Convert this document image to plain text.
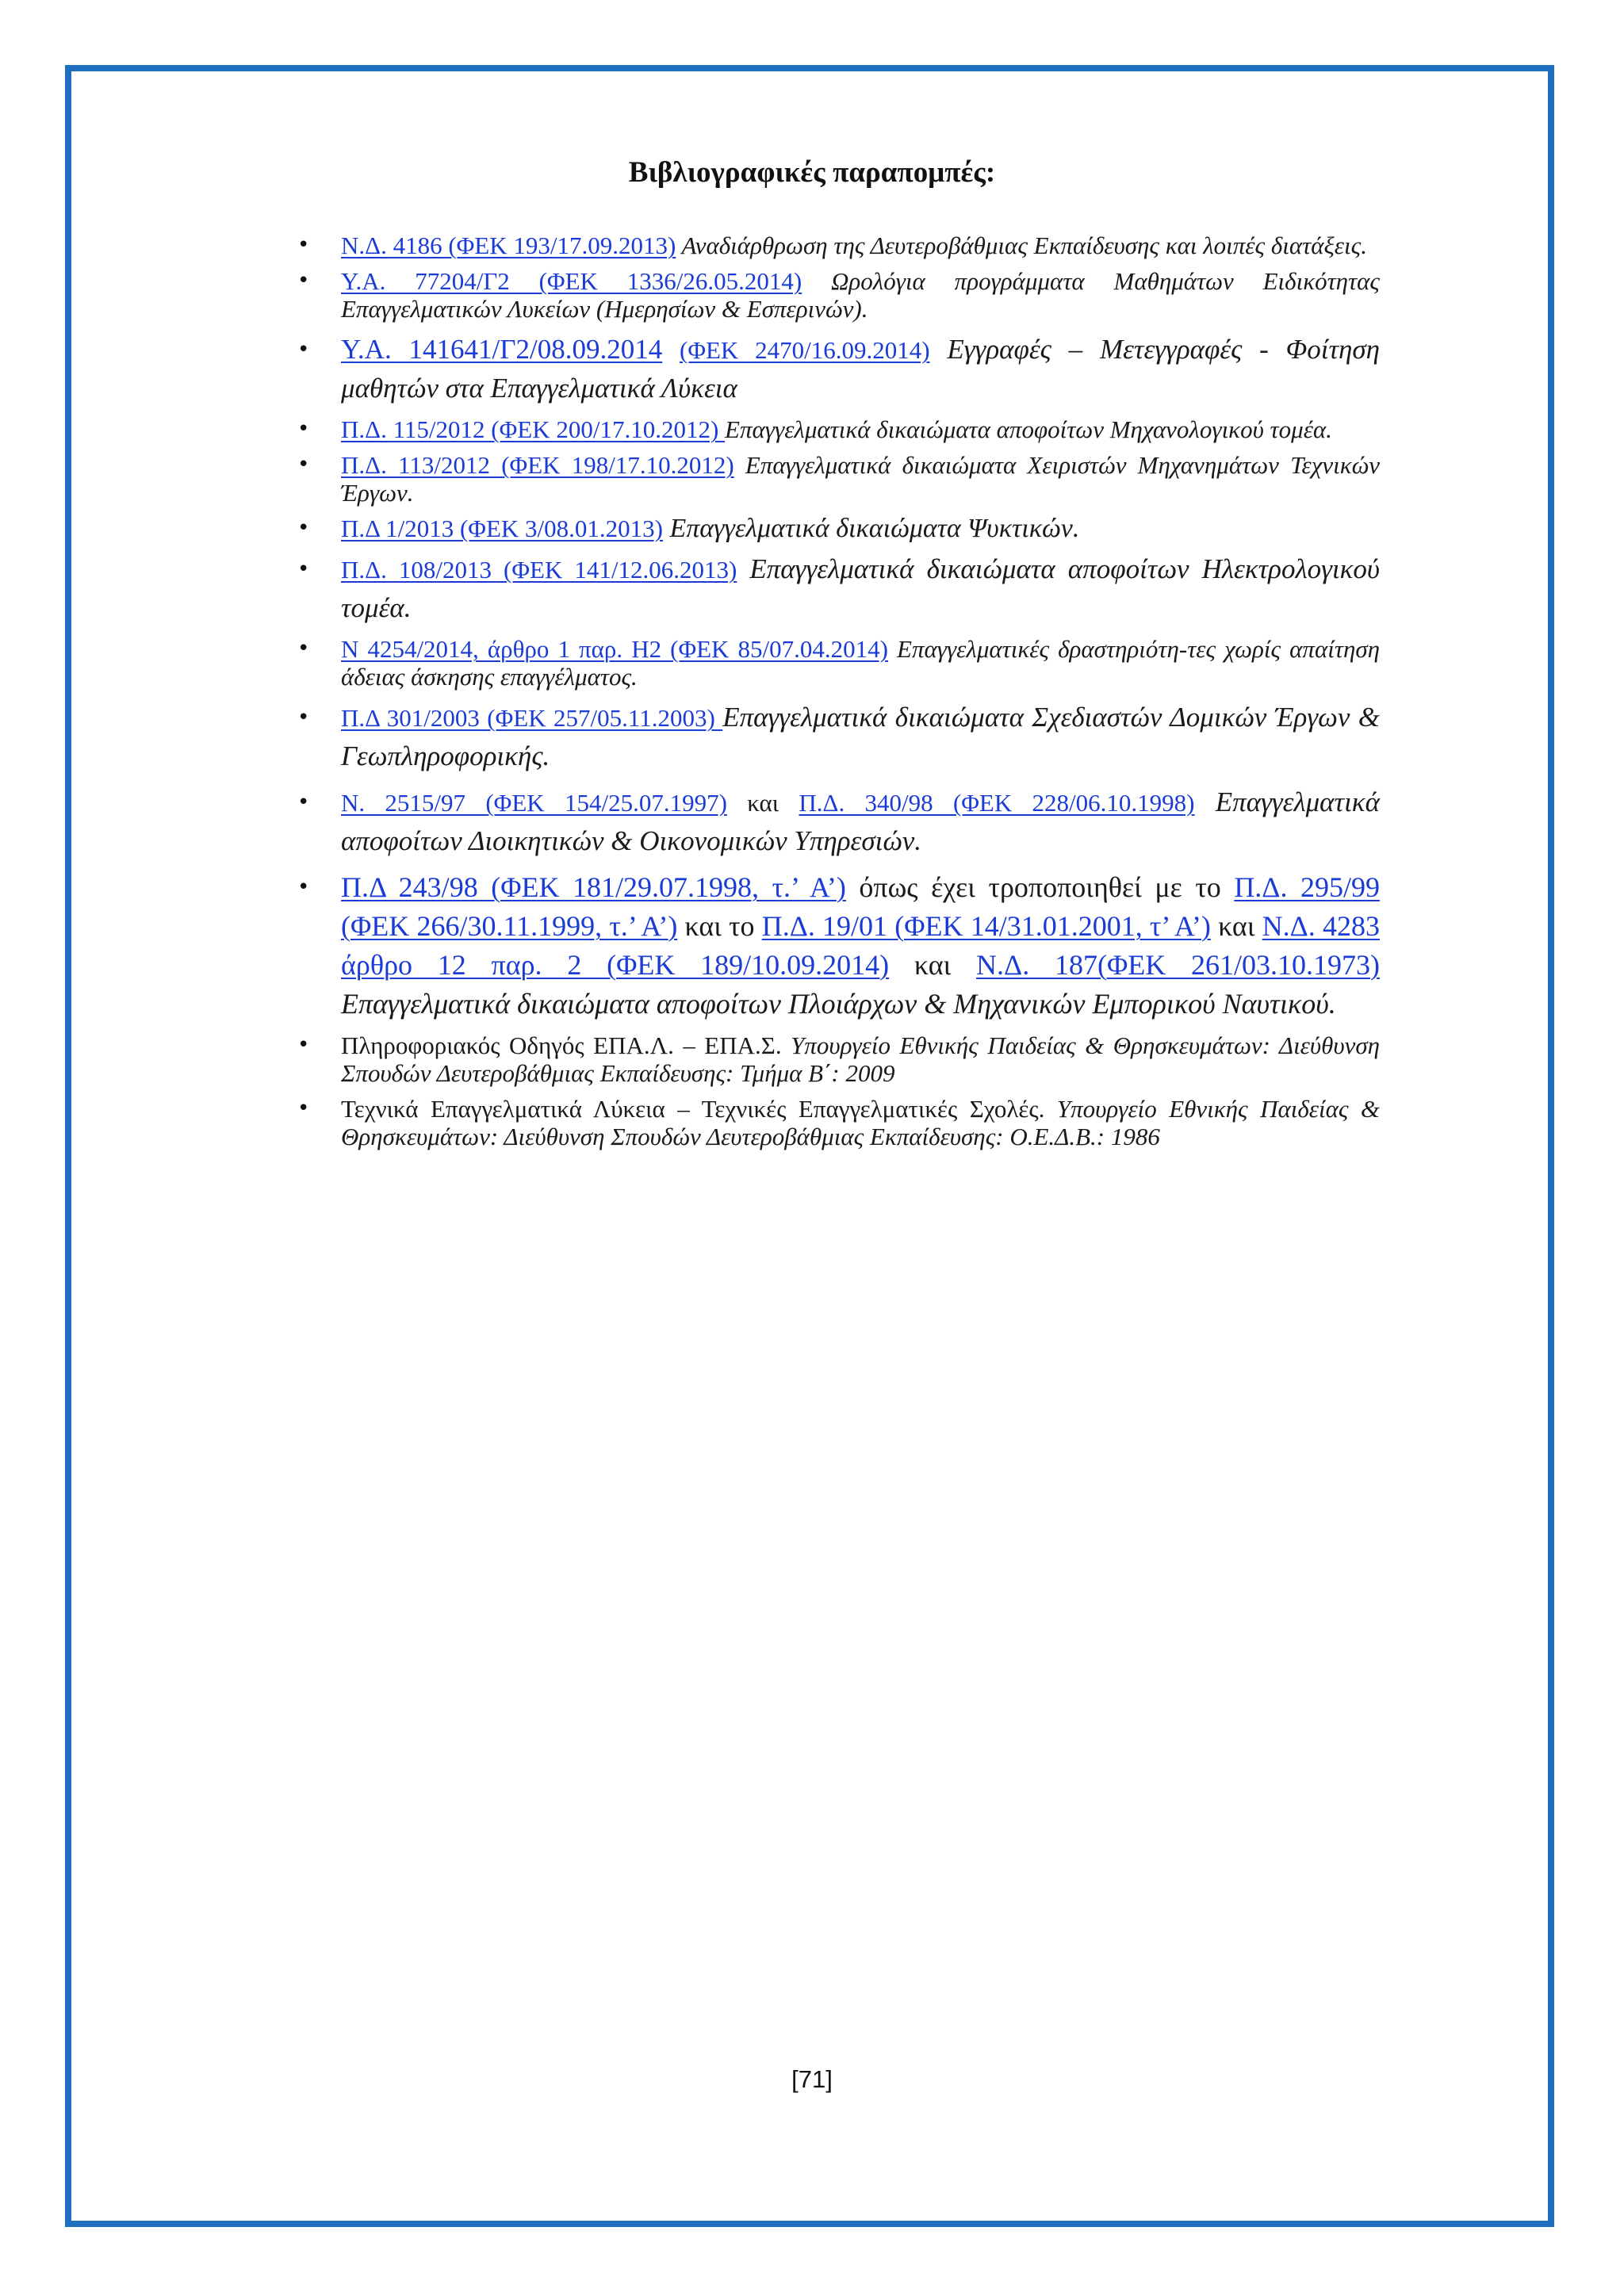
Βιβλιογραφικές παραπομπές:
• Ν.Δ. 4186 (ΦΕΚ 193/17.09.2013) Αναδιάρθρωση της Δευτεροβάθμιας Εκπαίδευσης και λοιπές διατάξεις.
• Υ.Α. 77204/Γ2 (ΦΕΚ 1336/26.05.2014) Ωρολόγια προγράμματα Μαθημάτων Ειδικότητας Επαγγελματικών Λυκείων (Ημερησίων & Εσπερινών).
• Υ.Α. 141641/Γ2/08.09.2014 (ΦΕΚ 2470/16.09.2014) Εγγραφές – Μετεγγραφές - Φοίτηση μαθητών στα Επαγγελματικά Λύκεια
• Π.Δ. 115/2012 (ΦΕΚ 200/17.10.2012) Επαγγελματικά δικαιώματα αποφοίτων Μηχανολογικού τομέα.
• Π.Δ. 113/2012 (ΦΕΚ 198/17.10.2012) Επαγγελματικά δικαιώματα Χειριστών Μηχανημάτων Τεχνικών Έργων.
• Π.Δ 1/2013 (ΦΕΚ 3/08.01.2013) Επαγγελματικά δικαιώματα Ψυκτικών.
• Π.Δ. 108/2013 (ΦΕΚ 141/12.06.2013) Επαγγελματικά δικαιώματα αποφοίτων Ηλεκτρολογικού τομέα.
• Ν 4254/2014, άρθρο 1 παρ. Η2 (ΦΕΚ 85/07.04.2014) Επαγγελματικές δραστηριότη-τες χωρίς απαίτηση άδειας άσκησης επαγγέλματος.
• Π.Δ 301/2003 (ΦΕΚ 257/05.11.2003) Επαγγελματικά δικαιώματα Σχεδιαστών Δομικών Έργων & Γεωπληροφορικής.
• Ν. 2515/97 (ΦΕΚ 154/25.07.1997) και Π.Δ. 340/98 (ΦΕΚ 228/06.10.1998) Επαγγελματικά αποφοίτων Διοικητικών & Οικονομικών Υπηρεσιών.
• Π.Δ 243/98 (ΦΕΚ 181/29.07.1998, τ.’ Α’) όπως έχει τροποποιηθεί με το Π.Δ. 295/99 (ΦΕΚ 266/30.11.1999, τ.’ Α’) και το Π.Δ. 19/01 (ΦΕΚ 14/31.01.2001, τ’ Α’) και Ν.Δ. 4283 άρθρο 12 παρ. 2 (ΦΕΚ 189/10.09.2014) και Ν.Δ. 187(ΦΕΚ 261/03.10.1973) Επαγγελματικά δικαιώματα αποφοίτων Πλοιάρχων & Μηχανικών Εμπορικού Ναυτικού.
• Πληροφοριακός Οδηγός ΕΠΑ.Λ. – ΕΠΑ.Σ. Υπουργείο Εθνικής Παιδείας & Θρησκευμάτων: Διεύθυνση Σπουδών Δευτεροβάθμιας Εκπαίδευσης: Τμήμα Β΄: 2009
• Τεχνικά Επαγγελματικά Λύκεια – Τεχνικές Επαγγελματικές Σχολές. Υπουργείο Εθνικής Παιδείας & Θρησκευμάτων: Διεύθυνση Σπουδών Δευτεροβάθμιας Εκπαίδευσης: Ο.Ε.Δ.Β.: 1986
[71]
